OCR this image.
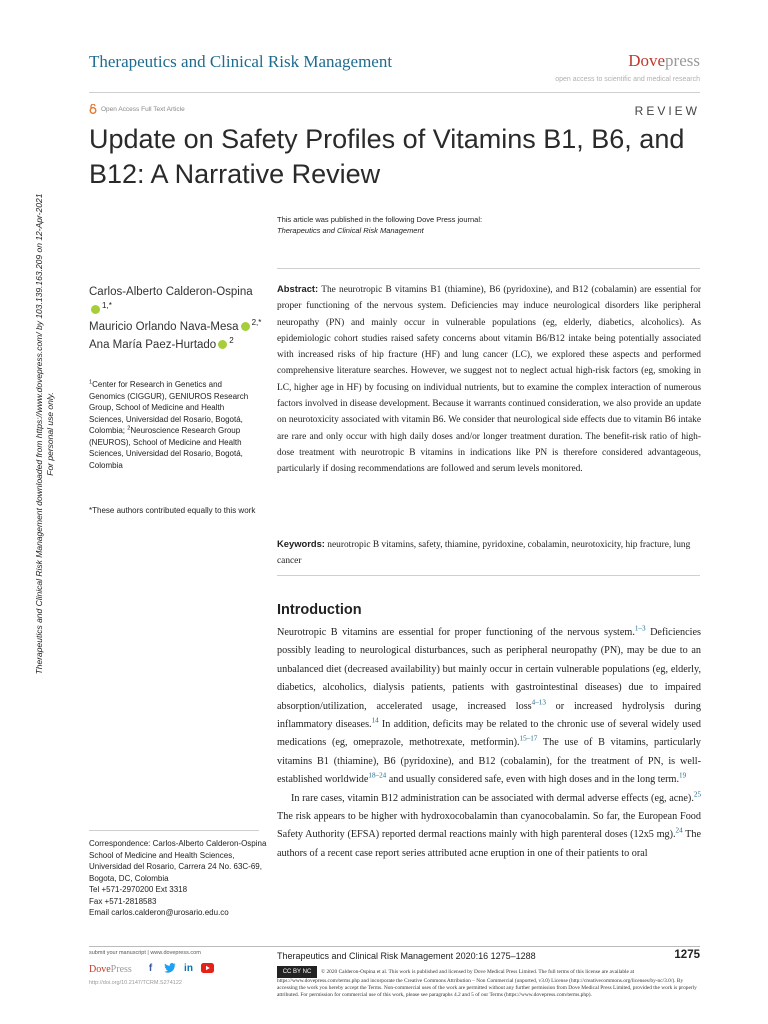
Therapeutics and Clinical Risk Management	Dovepress
open access to scientific and medical research
Open Access Full Text Article	REVIEW
Update on Safety Profiles of Vitamins B1, B6, and B12: A Narrative Review
This article was published in the following Dove Press journal:
Therapeutics and Clinical Risk Management
Therapeutics and Clinical Risk Management downloaded from https://www.dovepress.com/ by 103.139.163.209 on 12-Apr-2021
For personal use only.
Carlos-Alberto Calderon-Ospina$^{1,*}$
Mauricio Orlando Nava-Mesa $^{2,*}$
Ana María Paez-Hurtado $^2$
$^1$Center for Research in Genetics and Genomics (CIGGUR), GENIUROS Research Group, School of Medicine and Health Sciences, Universidad del Rosario, Bogotá, Colombia; $^2$Neuroscience Research Group (NEUROS), School of Medicine and Health Sciences, Universidad del Rosario, Bogotá, Colombia
*These authors contributed equally to this work
Abstract: The neurotropic B vitamins B1 (thiamine), B6 (pyridoxine), and B12 (cobalamin) are essential for proper functioning of the nervous system. Deficiencies may induce neurological disorders like peripheral neuropathy (PN) and mainly occur in vulnerable populations (eg, elderly, diabetics, alcoholics). As epidemiologic cohort studies raised safety concerns about vitamin B6/B12 intake being potentially associated with increased risks of hip fracture (HF) and lung cancer (LC), we explored these aspects and performed comprehensive literature searches. However, we suggest not to neglect actual high-risk factors (eg, smoking in LC, higher age in HF) by focusing on individual nutrients, but to examine the complex interaction of numerous factors involved in disease development. Because it warrants continued consideration, we also provide an update on neurotoxicity associated with vitamin B6. We consider that neurological side effects due to vitamin B6 intake are rare and only occur with high daily doses and/or longer treatment duration. The benefit-risk ratio of high-dose treatment with neurotropic B vitamins in indications like PN is therefore considered advantageous, particularly if dosing recommendations are followed and serum levels monitored.
Keywords: neurotropic B vitamins, safety, thiamine, pyridoxine, cobalamin, neurotoxicity, hip fracture, lung cancer
Introduction

Neurotropic B vitamins are essential for proper functioning of the nervous system.$^{1-3}$ Deficiencies possibly leading to neurological disturbances, such as peripheral neuropathy (PN), may be due to an unbalanced diet (decreased availability) but mainly occur in certain vulnerable populations (eg, elderly, diabetics, alcoholics, dialysis patients, patients with gastrointestinal diseases) due to impaired absorption/utilization, accelerated usage, increased loss$^{4-13}$ or increased hydrolysis during inflammatory diseases.$^{14}$ In addition, deficits may be related to the chronic use of several widely used medications (eg, omeprazole, methotrexate, metformin).$^{15-17}$ The use of B vitamins, particularly vitamins B1 (thiamine), B6 (pyridoxine), and B12 (cobalamin), for the treatment of PN, is well-established worldwide$^{18-24}$ and usually considered safe, even with high doses and in the long term.$^{19}$

In rare cases, vitamin B12 administration can be associated with dermal adverse effects (eg, acne).$^{25}$ The risk appears to be higher with hydroxocobalamin than cyanocobalamin. So far, the European Food Safety Authority (EFSA) reported dermal reactions mainly with high parenteral doses (12x5 mg).$^{24}$ The authors of a recent case report series attributed acne eruption in one of their patients to oral

Correspondence: Carlos-Alberto Calderon-Ospina
School of Medicine and Health Sciences, Universidad del Rosario, Carrera 24 No. 63C-69, Bogota, DC, Colombia
Tel +571-2970200 Ext 3318
Fax +571-2818583
Email carlos.calderon@urosario.edu.co
submit your manuscript | www.dovepress.com
DovePress	f	in
http://doi.org/10.2147/TCRM.S274122
Therapeutics and Clinical Risk Management 2020:16 1275–1288	1275
CC BY NC © 2020 Calderon-Ospina et al. This work is published and licensed by Dove Medical Press Limited. The full terms of this license are available at https://www.dovepress.com/terms.php and incorporate the Creative Commons Attribution – Non Commercial (unported, v3.0) License (http://creativecommons.org/licenses/by-nc/3.0/). By accessing the work you hereby accept the Terms. Non-commercial uses of the work are permitted without any further permission from Dove Medical Press Limited, provided the work is properly attributed. For permission for commercial use of this work, please see paragraphs 4.2 and 5 of our Terms (https://www.dovepress.com/terms.php).
